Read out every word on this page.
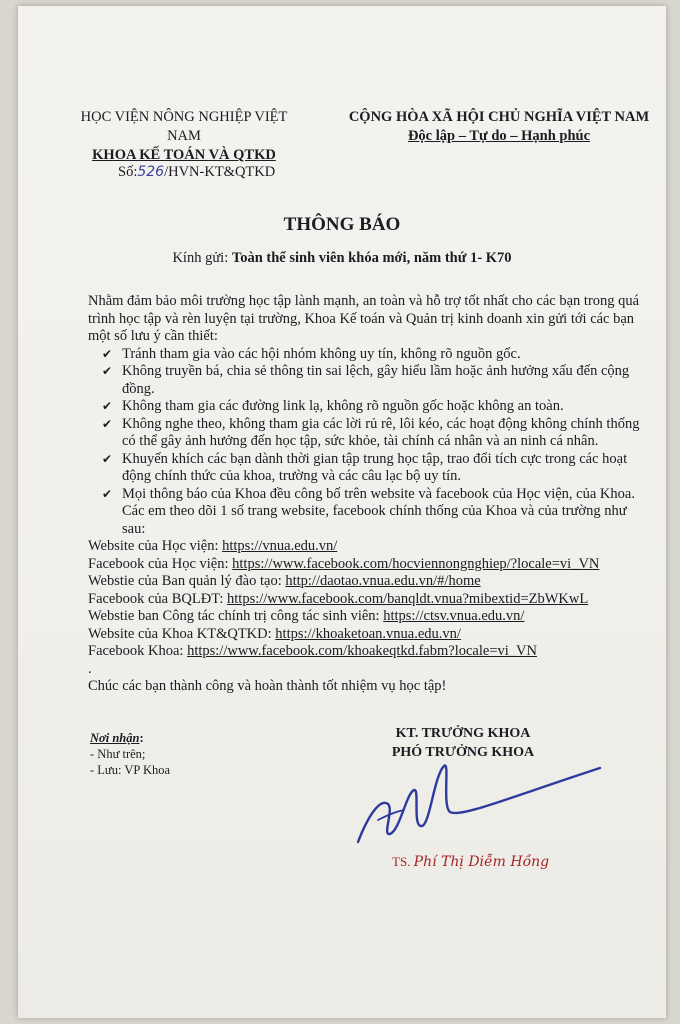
HỌC VIỆN NÔNG NGHIỆP VIỆT NAM
KHOA KẾ TOÁN VÀ QTKD
CỘNG HÒA XÃ HỘI CHỦ NGHĨA VIỆT NAM
Độc lập – Tự do – Hạnh phúc
Số:526/HVN-KT&QTKD
THÔNG BÁO
Kính gửi: Toàn thể sinh viên khóa mới, năm thứ 1- K70

Nhằm đảm bảo môi trường học tập lành mạnh, an toàn và hỗ trợ tốt nhất cho các bạn trong quá trình học tập và rèn luyện tại trường, Khoa Kế toán và Quản trị kinh doanh xin gửi tới các bạn một số lưu ý cần thiết:

✔ Tránh tham gia vào các hội nhóm không uy tín, không rõ nguồn gốc.
✔ Không truyền bá, chia sẻ thông tin sai lệch, gây hiểu lầm hoặc ảnh hưởng xấu đến cộng đồng.
✔ Không tham gia các đường link lạ, không rõ nguồn gốc hoặc không an toàn.
✔ Không nghe theo, không tham gia các lời rủ rê, lôi kéo, các hoạt động không chính thống có thể gây ảnh hưởng đến học tập, sức khỏe, tài chính cá nhân và an ninh cá nhân.
✔ Khuyến khích các bạn dành thời gian tập trung học tập, trao đổi tích cực trong các hoạt động chính thức của khoa, trường và các câu lạc bộ uy tín.
✔ Mọi thông báo của Khoa đều công bố trên website và facebook của Học viện, của Khoa. Các em theo dõi 1 số trang website, facebook chính thống của Khoa và của trường như sau:
Website của Học viện: https://vnua.edu.vn/
Facebook của Học viện: https://www.facebook.com/hocviennongnghiep/?locale=vi_VN
Webstie của Ban quản lý đào tạo: http://daotao.vnua.edu.vn/#/home
Facebook của BQLĐT: https://www.facebook.com/banqldt.vnua?mibextid=ZbWKwL
Webstie ban Công tác chính trị công tác sinh viên: https://ctsv.vnua.edu.vn/
Website của Khoa KT&QTKD: https://khoaketoan.vnua.edu.vn/
Facebook Khoa: https://www.facebook.com/khoakeqtkd.fabm?locale=vi_VN
.
Chúc các bạn thành công và hoàn thành tốt nhiệm vụ học tập!
Nơi nhận:
- Như trên;
- Lưu: VP Khoa
KT. TRƯỞNG KHOA
PHÓ TRƯỞNG KHOA
TS. Phí Thị Diễm Hồng
